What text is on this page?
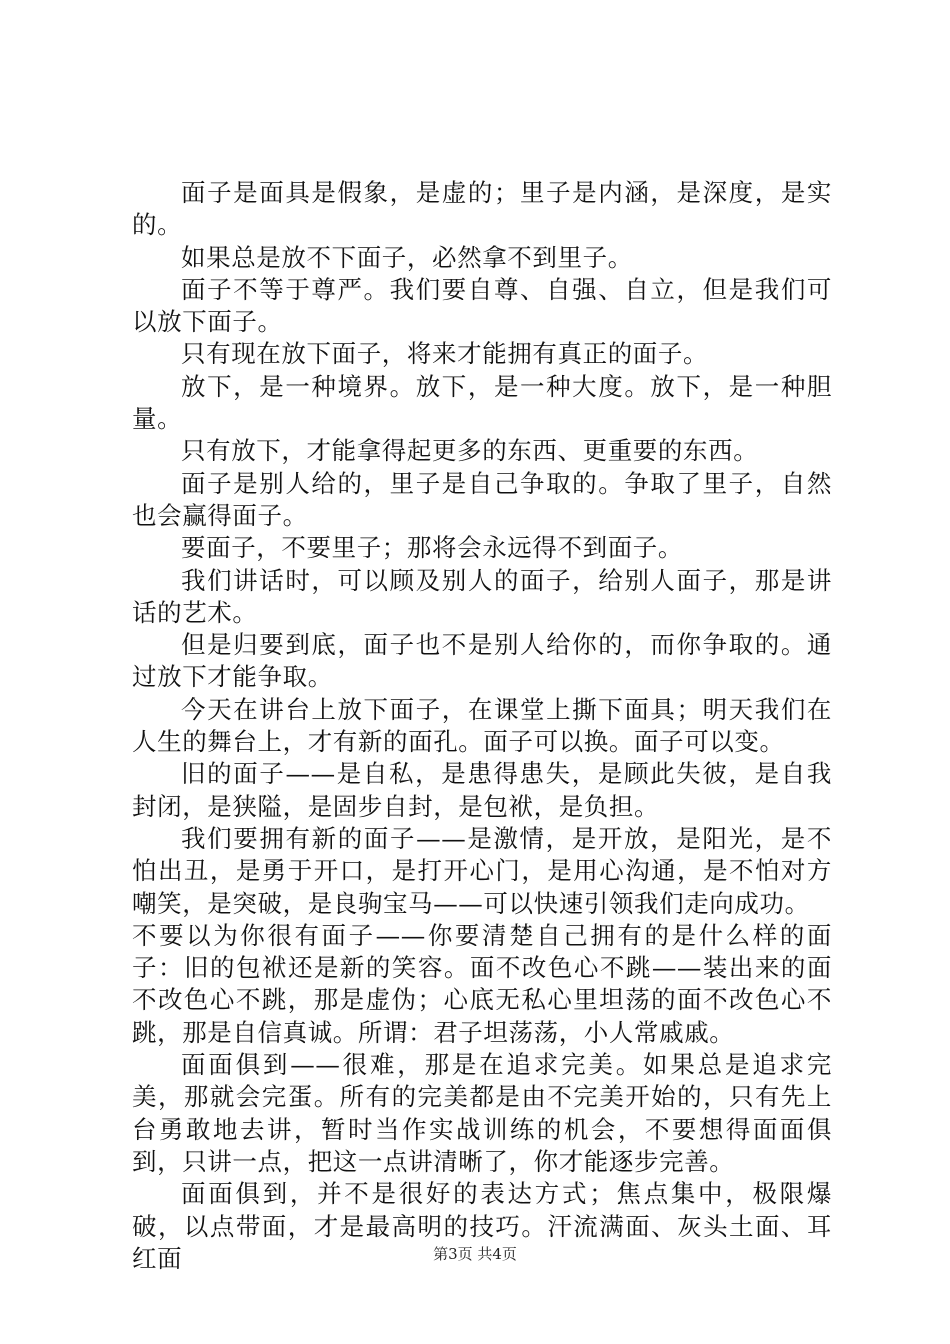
面子是面具是假象，是虚的；里子是内涵，是深度，是实的。

如果总是放不下面子，必然拿不到里子。

面子不等于尊严。我们要自尊、自强、自立，但是我们可以放下面子。

只有现在放下面子，将来才能拥有真正的面子。

放下，是一种境界。放下，是一种大度。放下，是一种胆量。

只有放下，才能拿得起更多的东西、更重要的东西。

面子是别人给的，里子是自己争取的。争取了里子，自然也会赢得面子。

要面子，不要里子；那将会永远得不到面子。

我们讲话时，可以顾及别人的面子，给别人面子，那是讲话的艺术。

但是归要到底，面子也不是别人给你的，而你争取的。通过放下才能争取。

今天在讲台上放下面子，在课堂上撕下面具；明天我们在人生的舞台上，才有新的面孔。面子可以换。面子可以变。

旧的面子——是自私，是患得患失，是顾此失彼，是自我封闭，是狭隘，是固步自封，是包袱，是负担。

我们要拥有新的面子——是激情，是开放，是阳光，是不怕出丑，是勇于开口，是打开心门，是用心沟通，是不怕对方嘲笑，是突破，是良驹宝马——可以快速引领我们走向成功。

不要以为你很有面子——你要清楚自己拥有的是什么样的面子：旧的包袱还是新的笑容。面不改色心不跳——装出来的面不改色心不跳，那是虚伪；心底无私心里坦荡的面不改色心不跳，那是自信真诚。所谓：君子坦荡荡，小人常戚戚。

面面俱到——很难，那是在追求完美。如果总是追求完美，那就会完蛋。所有的完美都是由不完美开始的，只有先上台勇敢地去讲，暂时当作实战训练的机会，不要想得面面俱到，只讲一点，把这一点讲清晰了，你才能逐步完善。

面面俱到，并不是很好的表达方式；焦点集中，极限爆破，以点带面，才是最高明的技巧。汗流满面、灰头土面、耳红面	第3页 共4页
